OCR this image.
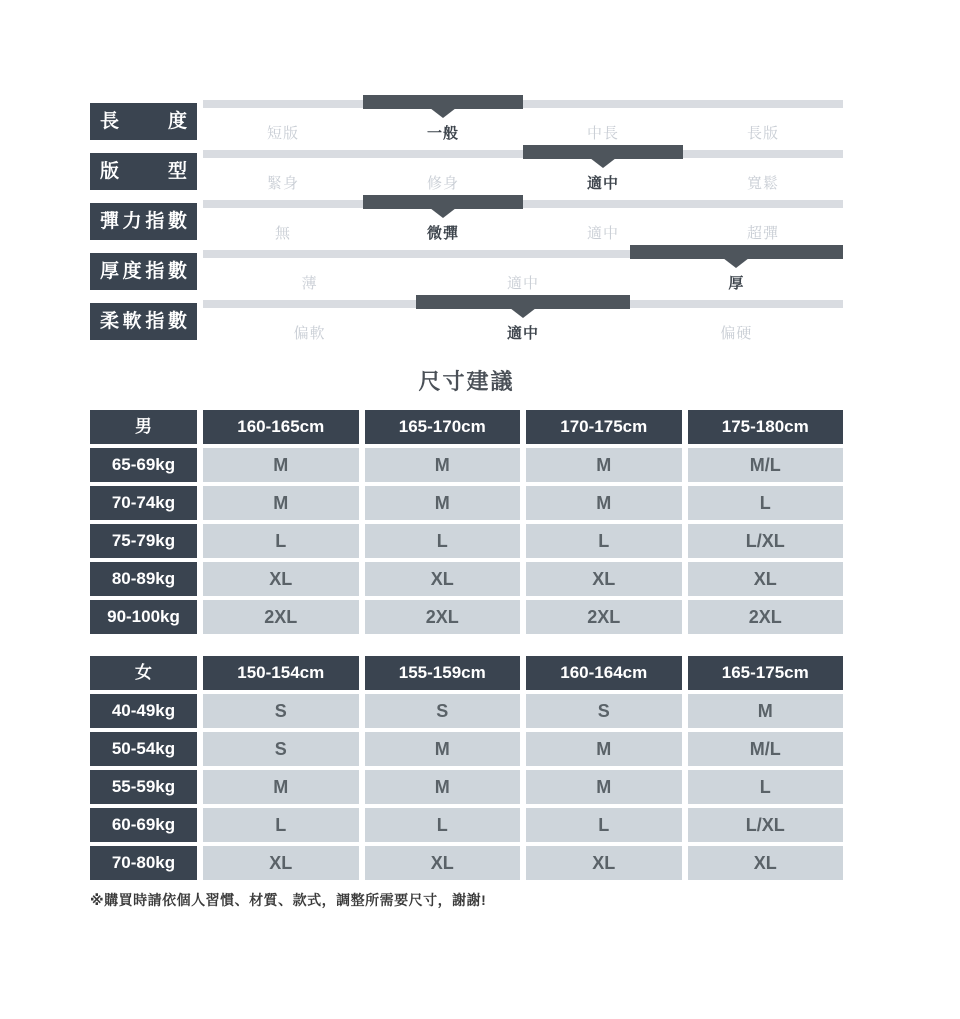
長度
短版	一般	中長	長版
版型
緊身	修身	適中	寬鬆
彈力指數
無	微彈	適中	超彈
厚度指數
薄	適中	厚
柔軟指數
偏軟	適中	偏硬
尺寸建議
男	160-165cm	165-170cm	170-175cm	175-180cm
65-69kg	M	M	M	M/L
70-74kg	M	M	M	L
75-79kg	L	L	L	L/XL
80-89kg	XL	XL	XL	XL
90-100kg	2XL	2XL	2XL	2XL
女	150-154cm	155-159cm	160-164cm	165-175cm
40-49kg	S	S	S	M
50-54kg	S	M	M	M/L
55-59kg	M	M	M	L
60-69kg	L	L	L	L/XL
70-80kg	XL	XL	XL	XL

※購買時請依個人習慣、材質、款式，調整所需要尺寸，謝謝!
